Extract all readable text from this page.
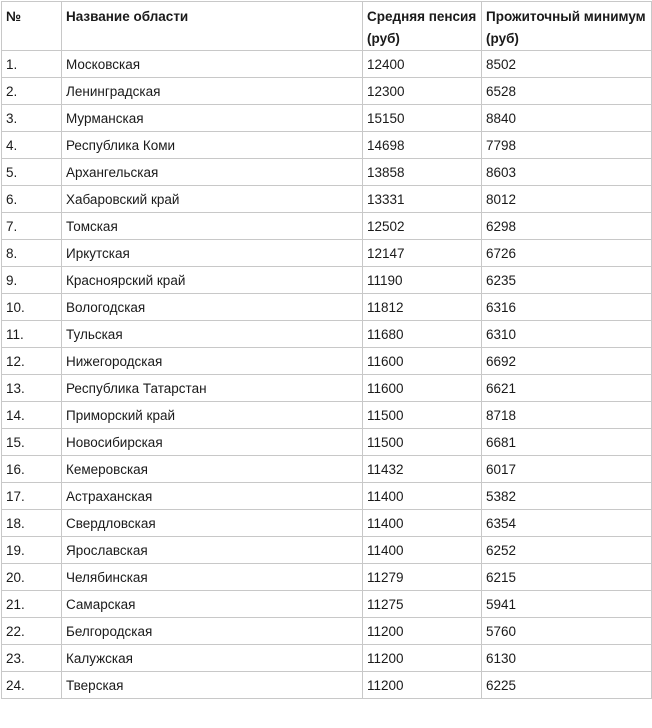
№	Название области	Средняя пенсия (руб)	Прожиточный минимум (руб)
1.	Московская	12400	8502
2.	Ленинградская	12300	6528
3.	Мурманская	15150	8840
4.	Республика Коми	14698	7798
5.	Архангельская	13858	8603
6.	Хабаровский край	13331	8012
7.	Томская	12502	6298
8.	Иркутская	12147	6726
9.	Красноярский край	11190	6235
10.	Вологодская	11812	6316
11.	Тульская	11680	6310
12.	Нижегородская	11600	6692
13.	Республика Татарстан	11600	6621
14.	Приморский край	11500	8718
15.	Новосибирская	11500	6681
16.	Кемеровская	11432	6017
17.	Астраханская	11400	5382
18.	Свердловская	11400	6354
19.	Ярославская	11400	6252
20.	Челябинская	11279	6215
21.	Самарская	11275	5941
22.	Белгородская	11200	5760
23.	Калужская	11200	6130
24.	Тверская	11200	6225
